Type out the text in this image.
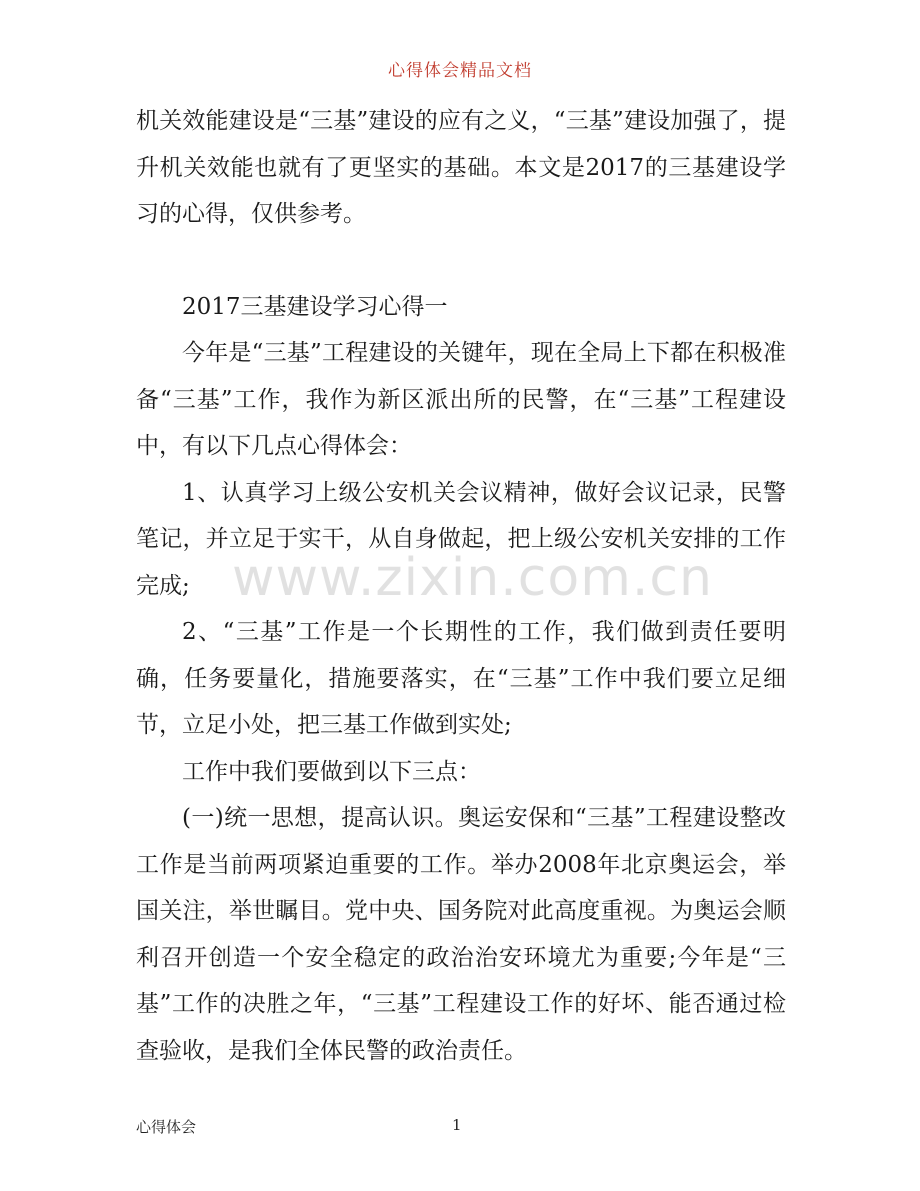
心得体会精品文档

机关效能建设是“三基”建设的应有之义，“三基”建设加强了，提升机关效能也就有了更坚实的基础。本文是2017的三基建设学习的心得，仅供参考。

2017三基建设学习心得一

今年是“三基”工程建设的关键年，现在全局上下都在积极准备“三基”工作，我作为新区派出所的民警，在“三基”工程建设中，有以下几点心得体会：

1、认真学习上级公安机关会议精神，做好会议记录，民警笔记，并立足于实干，从自身做起，把上级公安机关安排的工作完成;

2、“三基”工作是一个长期性的工作，我们做到责任要明确，任务要量化，措施要落实，在“三基”工作中我们要立足细节，立足小处，把三基工作做到实处;

工作中我们要做到以下三点：

(一)统一思想，提高认识。奥运安保和“三基”工程建设整改工作是当前两项紧迫重要的工作。举办2008年北京奥运会，举国关注，举世瞩目。党中央、国务院对此高度重视。为奥运会顺利召开创造一个安全稳定的政治治安环境尤为重要;今年是“三基”工作的决胜之年，“三基”工程建设工作的好坏、能否通过检查验收，是我们全体民警的政治责任。

www.zixin.com.cn
心得体会	1
